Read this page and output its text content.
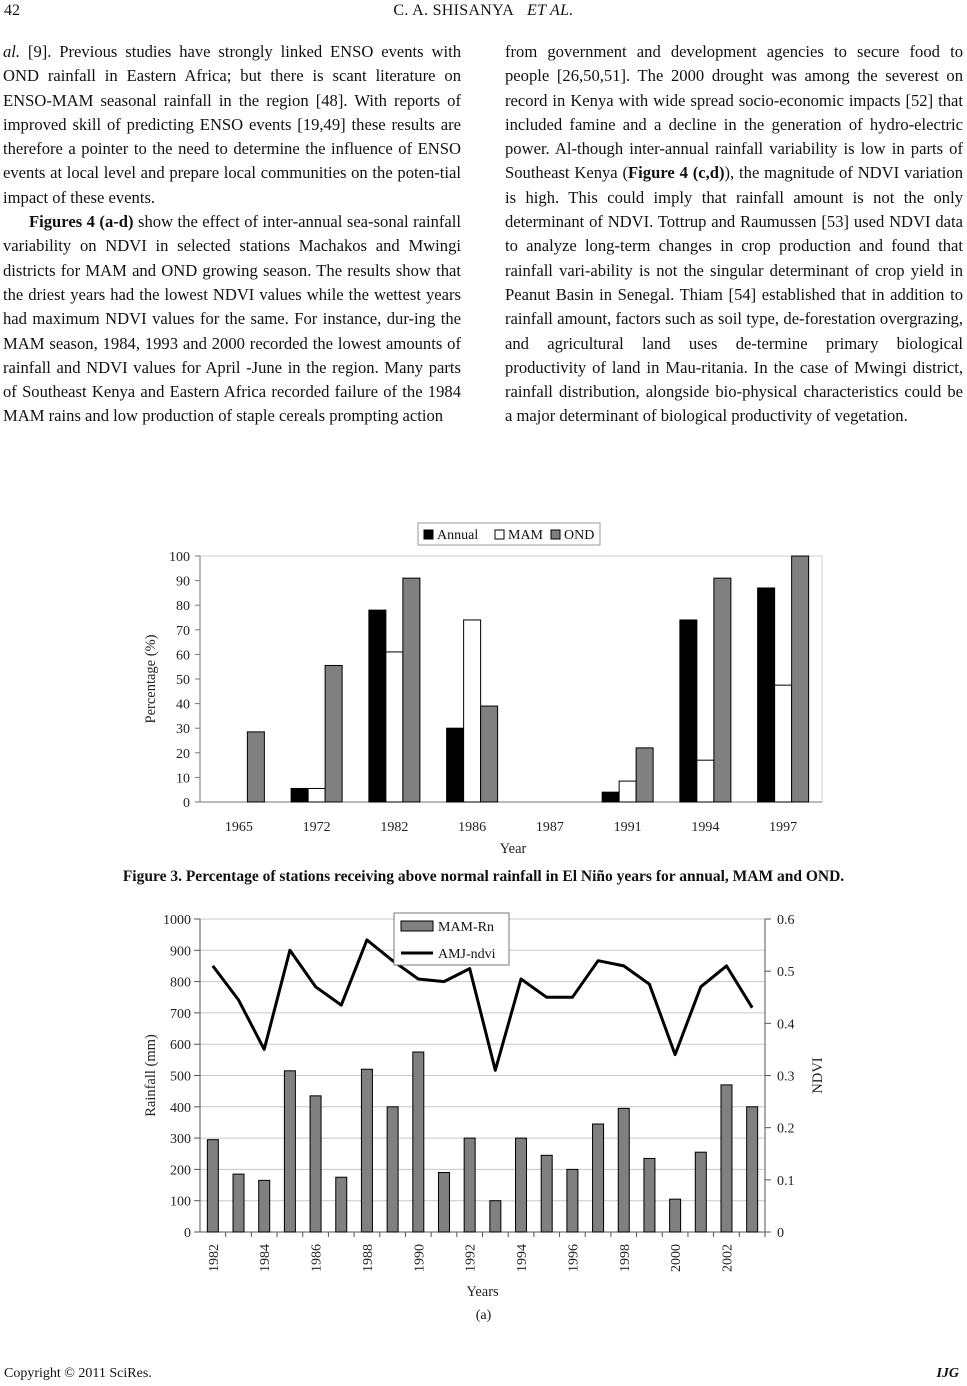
42	C. A. SHISANYA ET AL.

al. [9]. Previous studies have strongly linked ENSO events with OND rainfall in Eastern Africa; but there is scant literature on ENSO-MAM seasonal rainfall in the region [48]. With reports of improved skill of predicting ENSO events [19,49] these results are therefore a pointer to the need to determine the influence of ENSO events at local level and prepare local communities on the poten-tial impact of these events.

Figures 4 (a-d) show the effect of inter-annual sea-sonal rainfall variability on NDVI in selected stations Machakos and Mwingi districts for MAM and OND growing season. The results show that the driest years had the lowest NDVI values while the wettest years had maximum NDVI values for the same. For instance, dur-ing the MAM season, 1984, 1993 and 2000 recorded the lowest amounts of rainfall and NDVI values for April -June in the region. Many parts of Southeast Kenya and Eastern Africa recorded failure of the 1984 MAM rains and low production of staple cereals prompting action

from government and development agencies to secure food to people [26,50,51]. The 2000 drought was among the severest on record in Kenya with wide spread socio-economic impacts [52] that included famine and a decline in the generation of hydro-electric power. Al-though inter-annual rainfall variability is low in parts of Southeast Kenya (Figure 4 (c,d)), the magnitude of NDVI variation is high. This could imply that rainfall amount is not the only determinant of NDVI. Tottrup and Raumussen [53] used NDVI data to analyze long-term changes in crop production and found that rainfall vari-ability is not the singular determinant of crop yield in Peanut Basin in Senegal. Thiam [54] established that in addition to rainfall amount, factors such as soil type, de-forestation overgrazing, and agricultural land uses de-termine primary biological productivity of land in Mau-ritania. In the case of Mwingi district, rainfall distribution, alongside bio-physical characteristics could be a major determinant of biological productivity of vegetation.

0
10
20
30
40
50
60
70
80
90
100
1965	1972	1982	1986	1987	1991	1994	1997
Year
Percentage (%)
Annual MAM OND
Figure 3. Percentage of stations receiving above normal rainfall in El Niño years for annual, MAM and OND.
0
100
200
300
400
500
600
700
800
900
1000
0
0.1
0.2
0.3
0.4
0.5
0.6
1982	1984	1986	1988	1990	1992	1994	1996	1998	2000	2002
Years
Rainfall (mm)	NDVI
MAM-Rn
AMJ-ndvi
(a)
Copyright © 2011 SciRes.	IJG
